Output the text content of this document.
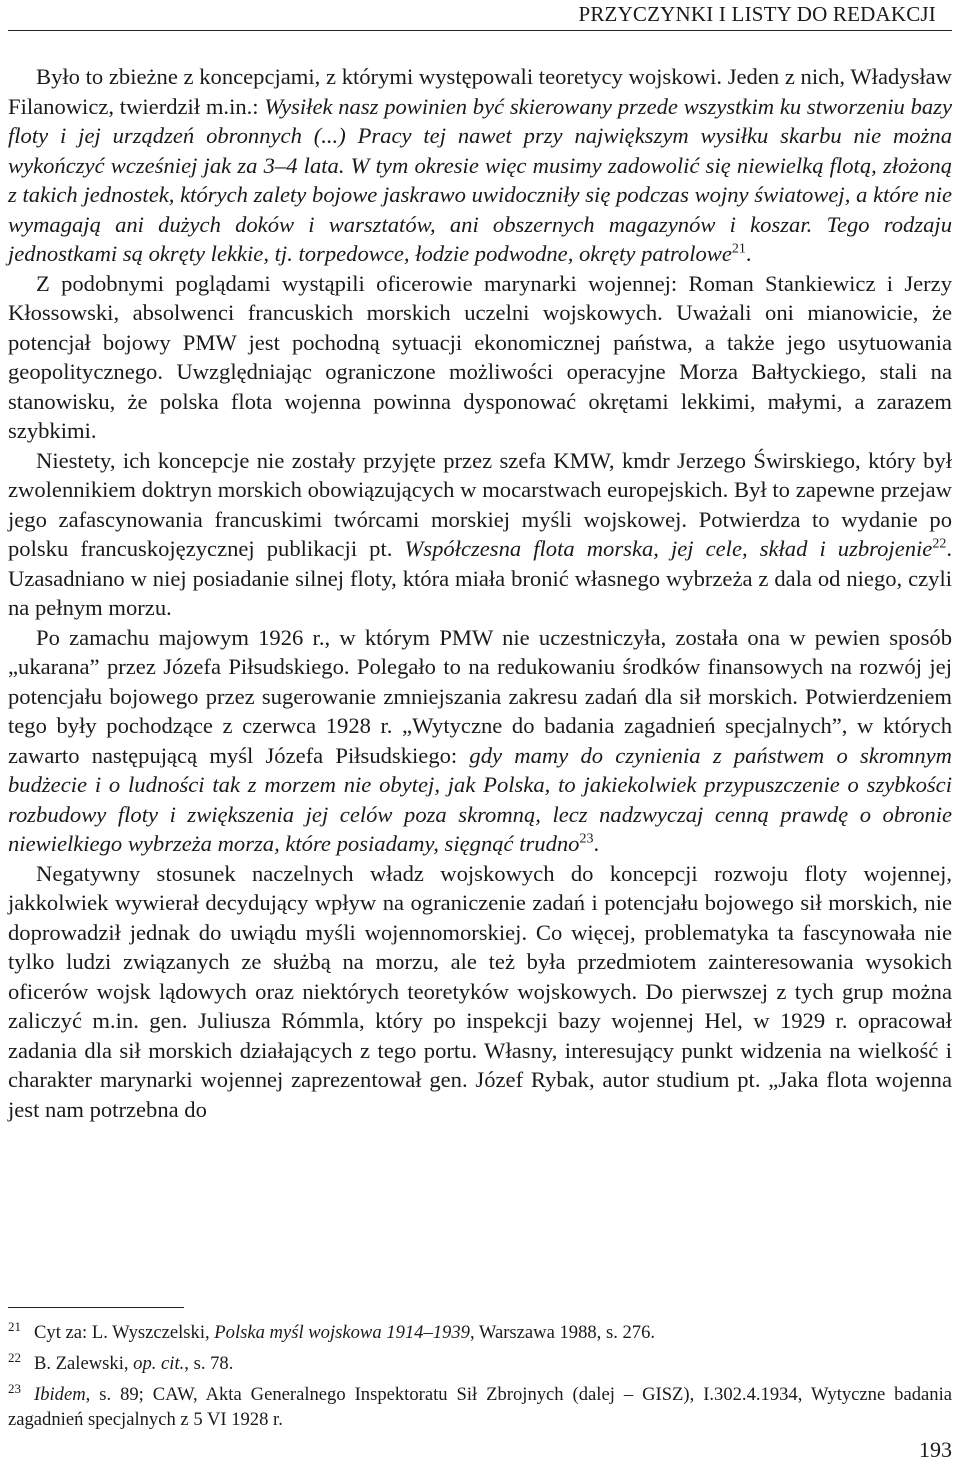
PRZYCZYNKI I LISTY DO REDAKCJI

Było to zbieżne z koncepcjami, z którymi występowali teoretycy wojskowi. Jeden z nich, Władysław Filanowicz, twierdził m.in.: Wysiłek nasz powinien być skierowany przede wszystkim ku stworzeniu bazy floty i jej urządzeń obronnych (...) Pracy tej nawet przy największym wysiłku skarbu nie można wykończyć wcześniej jak za 3–4 lata. W tym okresie więc musimy zadowolić się niewielką flotą, złożoną z takich jednostek, których zalety bojowe jaskrawo uwidoczniły się podczas wojny światowej, a które nie wymagają ani dużych doków i warsztatów, ani obszernych magazynów i koszar. Tego rodzaju jednostkami są okręty lekkie, tj. torpedowce, łodzie podwodne, okręty patrolowe$^{21}$.

Z podobnymi poglądami wystąpili oficerowie marynarki wojennej: Roman Stankiewicz i Jerzy Kłossowski, absolwenci francuskich morskich uczelni wojskowych. Uważali oni mianowicie, że potencjał bojowy PMW jest pochodną sytuacji ekonomicznej państwa, a także jego usytuowania geopolitycznego. Uwzględniając ograniczone możliwości operacyjne Morza Bałtyckiego, stali na stanowisku, że polska flota wojenna powinna dysponować okrętami lekkimi, małymi, a zarazem szybkimi.

Niestety, ich koncepcje nie zostały przyjęte przez szefa KMW, kmdr Jerzego Świrskiego, który był zwolennikiem doktryn morskich obowiązujących w mocarstwach europejskich. Był to zapewne przejaw jego zafascynowania francuskimi twórcami morskiej myśli wojskowej. Potwierdza to wydanie po polsku francuskojęzycznej publikacji pt. Współczesna flota morska, jej cele, skład i uzbrojenie$^{22}$. Uzasadniano w niej posiadanie silnej floty, która miała bronić własnego wybrzeża z dala od niego, czyli na pełnym morzu.

Po zamachu majowym 1926 r., w którym PMW nie uczestniczyła, została ona w pewien sposób „ukarana” przez Józefa Piłsudskiego. Polegało to na redukowaniu środków finansowych na rozwój jej potencjału bojowego przez sugerowanie zmniejszania zakresu zadań dla sił morskich. Potwierdzeniem tego były pochodzące z czerwca 1928 r. „Wytyczne do badania zagadnień specjalnych”, w których zawarto następującą myśl Józefa Piłsudskiego: gdy mamy do czynienia z państwem o skromnym budżecie i o ludności tak z morzem nie obytej, jak Polska, to jakiekolwiek przypuszczenie o szybkości rozbudowy floty i zwiększenia jej celów poza skromną, lecz nadzwyczaj cenną prawdę o obronie niewielkiego wybrzeża morza, które posiadamy, sięgnąć trudno$^{23}$.

Negatywny stosunek naczelnych władz wojskowych do koncepcji rozwoju floty wojennej, jakkolwiek wywierał decydujący wpływ na ograniczenie zadań i potencjału bojowego sił morskich, nie doprowadził jednak do uwiądu myśli wojennomorskiej. Co więcej, problematyka ta fascynowała nie tylko ludzi związanych ze służbą na morzu, ale też była przedmiotem zainteresowania wysokich oficerów wojsk lądowych oraz niektórych teoretyków wojskowych. Do pierwszej z tych grup można zaliczyć m.in. gen. Juliusza Rómmla, który po inspekcji bazy wojennej Hel, w 1929 r. opracował zadania dla sił morskich działających z tego portu. Własny, interesujący punkt widzenia na wielkość i charakter marynarki wojennej zaprezentował gen. Józef Rybak, autor studium pt. „Jaka flota wojenna jest nam potrzebna do

21 Cyt za: L. Wyszczelski, Polska myśl wojskowa 1914–1939, Warszawa 1988, s. 276.

22 B. Zalewski, op. cit., s. 78.

23 Ibidem, s. 89; CAW, Akta Generalnego Inspektoratu Sił Zbrojnych (dalej – GISZ), I.302.4.1934, Wytyczne badania zagadnień specjalnych z 5 VI 1928 r.

193
